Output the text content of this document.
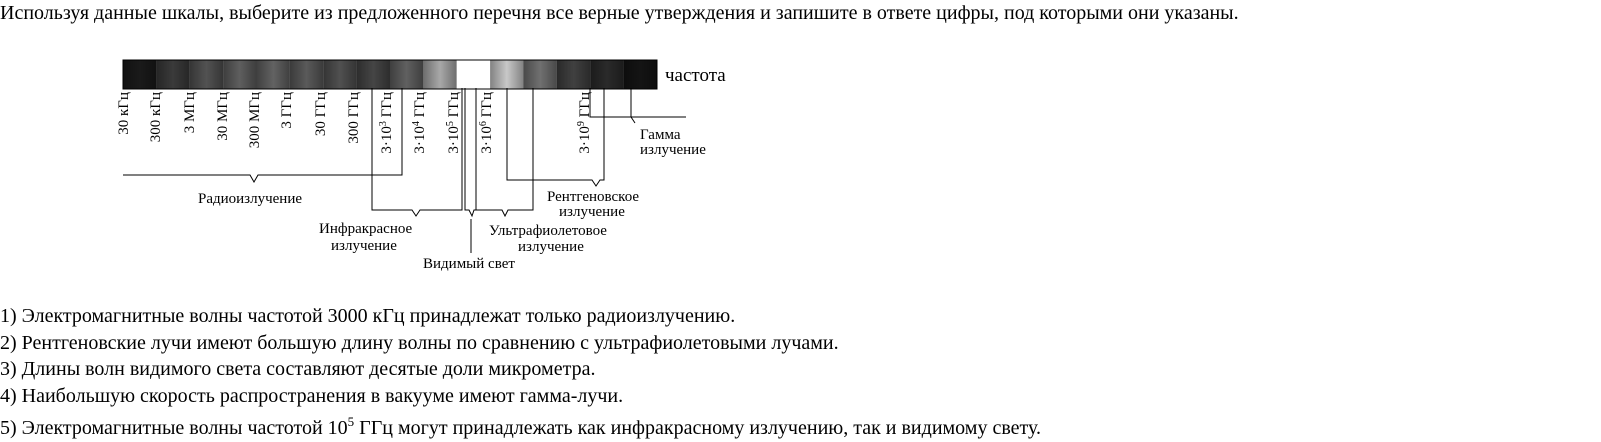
Используя данные шкалы, выберите из предложенного перечня все верные утверждения и запишите в ответе цифры, под которыми они указаны.
частота
30 кГц 300 кГц 3 МГц 30 МГц 300 МГц 3 ГГц 30 ГГц 300 ГГц $3\cdot 10^3$ ГГц
$3\cdot 10^4$ ГГц
$3\cdot 10^5$ ГГц
$3\cdot 10^6$ ГГц
$3\cdot 10^9$ ГГц
Радиоизлучение
Инфракрасное
излучение
Видимый свет
Ультрафиолетовое
излучение
Рентгеновское
излучение
Гамма
излучение
1) Электромагнитные волны частотой 3000 кГц принадлежат только радиоизлучению.
2) Рентгеновские лучи имеют большую длину волны по сравнению с ультрафиолетовыми лучами.
3) Длины волн видимого света составляют десятые доли микрометра.
4) Наибольшую скорость распространения в вакууме имеют гамма-лучи.
5) Электромагнитные волны частотой $10^5$ ГГц могут принадлежать как инфракрасному излучению, так и видимому свету.
